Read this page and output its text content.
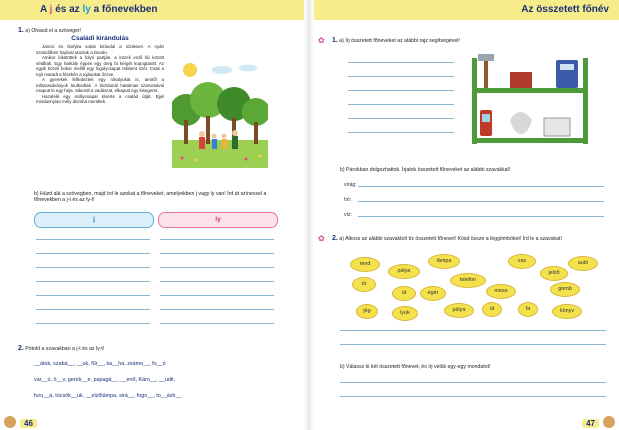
A j és az ly a főnevekben	Az összetett főnév
1. a) Olvasd el a szöveget!
Családi kirándulás

Jancsi és Ibolyka sokat kirándul a szüleivel. A nyári szünidőben hajóval utaztak a Dunán.

Amikor kikötöttek a folyó partján, a közeli erdő fái között sétáltak. Egy harkály éppen egy öreg fa kérgét kopogtatott. Az egyik közeli bokor mellől egy fogolycsapat rebbent szét. Csak a tojó maradt a fészkén a tojásokat őrizve.

A gyerekek felfedeztek egy rókalyukat is, amiről a tollmaradványok árulkodtak. A tisztásnál hatalmas szarvasával csapott le egy héja. Sikerült a vadászat, elkapott egy kisegeret.

Hazafelé egy sirálycsapat kísérte a család útját. Ejjel mindannyian mély álomba merültek.

b) Húzd alá a szövegben, majd írd le azokat a főneveket, amelyekben j vagy ly van! Írd át színessel a főnevekben a j-t és az ly-t!
j	ly
2. Pótold a szavakban a j-t és az ly-t!
__átok, szabá__, __uk, fűr__, ka__ha, zsámo__, fo__ó
var__ú, ö__v, gereb__e, papagá__, __enő, Káro__, __udit,
furu__a, tücsök__uk, __elzőlámpa, sirá__, fogo__, to__ásh__
46
✿ 1. a) Írj összetett főneveket az alábbi rajz segítségével!
b) Párokban dolgozhattok. Írjatok összetett főneveket az alábbi szavakkal!
virág:
hó:
víz:
✿ 2. a) Alkoss az alábbi szavakból tíz összetett főnevet! Kösd össze a léggömböket! Írd le a szavakat!
rend	lámpa	vas	autó
pálya	jelző
telefon
ör
út	egér	mese	gomb
jég	lyuk	pálya	út	fa	könyv
b) Válassz ki két összetett főnevet, és írj velük egy-egy mondatot!
47
